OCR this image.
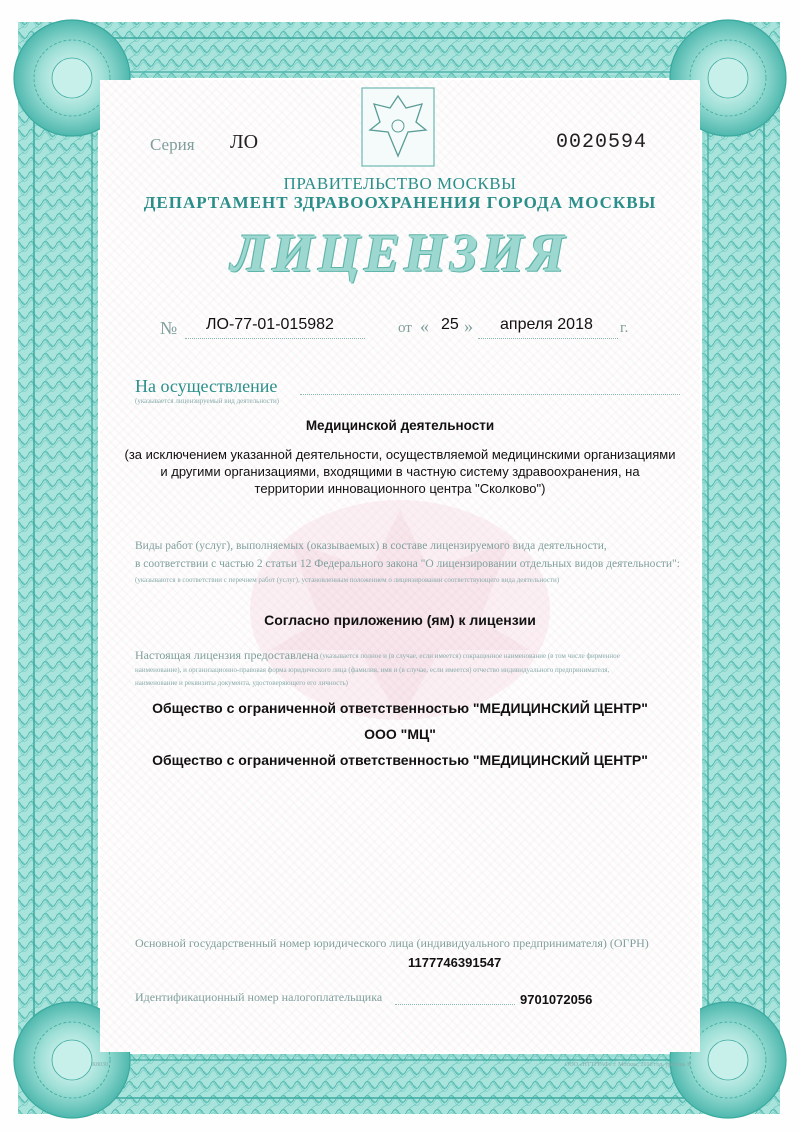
Серия ЛО	0020594
ПРАВИТЕЛЬСТВО МОСКВЫ
ДЕПАРТАМЕНТ ЗДРАВООХРАНЕНИЯ ГОРОДА МОСКВЫ
ЛИЦЕНЗИЯ
№ ЛО-77-01-015982	от « 25 » апреля 2018 г.
На осуществление
(указывается лицензируемый вид деятельности)
Медицинской деятельности
(за исключением указанной деятельности, осуществляемой медицинскими организациями
и другими организациями, входящими в частную систему здравоохранения, на
территории инновационного центра "Сколково")
Виды работ (услуг), выполняемых (оказываемых) в составе лицензируемого вида деятельности,
в соответствии с частью 2 статьи 12 Федерального закона "О лицензировании отдельных видов деятельности":
(указываются в соответствии с перечнем работ (услуг), установленным положением о лицензировании соответствующего вида деятельности)
Согласно приложению (ям) к лицензии
Настоящая лицензия предоставлена (указывается полное и (в случае, если имеется) сокращенное наименование (в том числе фирменное
наименование), и организационно-правовая форма юридического лица (фамилия, имя и (в случае, если имеется) отчество индивидуального предпринимателя,
наименование и реквизиты документа, удостоверяющего его личность)
Общество с ограниченной ответственностью "МЕДИЦИНСКИЙ ЦЕНТР"
ООО "МЦ"
Общество с ограниченной ответственностью "МЕДИЦИНСКИЙ ЦЕНТР"
Основной государственный номер юридического лица (индивидуального предпринимателя) (ОГРН)
1177746391547
Идентификационный номер налогоплательщика	9701072056
К8030	ООО «НТТГРАФ» г. Москва, 2016 год, уровень Б
